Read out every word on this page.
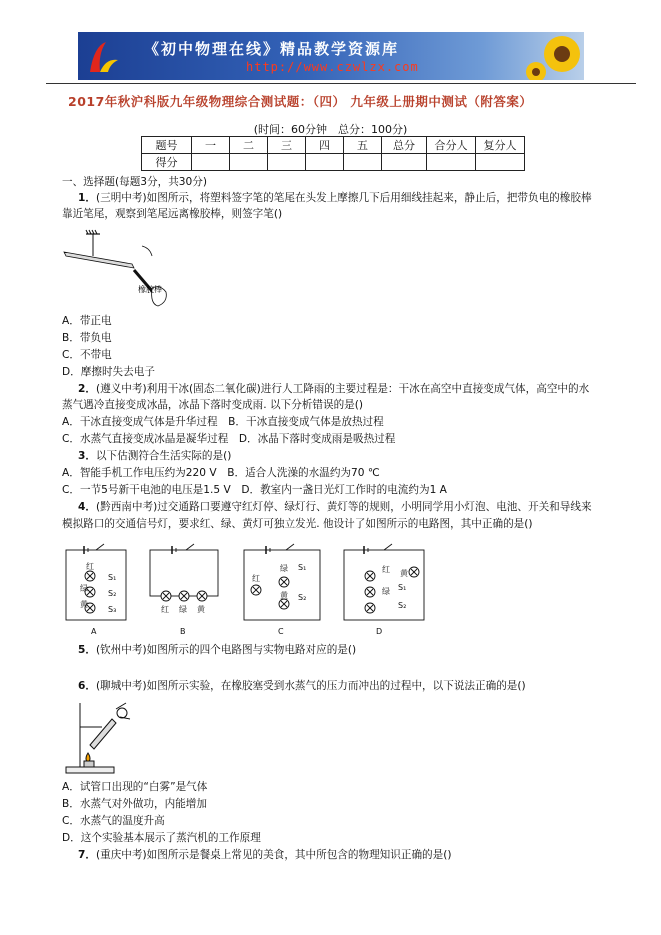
《初中物理在线》精品教学资源库
http://www.czwlzx.com
2017年秋沪科版九年级物理综合测试题：（四） 九年级上册期中测试（附答案）
(时间：60分钟　总分：100分)
题号	一	二	三	四	五	总分	合分人	复分人
得分								
一、选择题(每题3分，共30分)
1．(三明中考)如图所示，将塑料签字笔的笔尾在头发上摩擦几下后用细线挂起来，静止后，把带负电的橡胶棒
靠近笔尾，观察到笔尾远离橡胶棒，则签字笔()
橡胶棒
A．带正电
B．带负电
C．不带电
D．摩擦时失去电子
2．(遵义中考)利用干冰(固态二氧化碳)进行人工降雨的主要过程是：干冰在高空中直接变成气体，高空中的水
蒸气遇冷直接变成冰晶，冰晶下落时变成雨. 以下分析错误的是()
A．干冰直接变成气体是升华过程　B．干冰直接变成气体是放热过程
C．水蒸气直接变成冰晶是凝华过程　D．冰晶下落时变成雨是吸热过程
3．以下估测符合生活实际的是()
A．智能手机工作电压约为220 V　B．适合人洗澡的水温约为70 ℃
C．一节5号新干电池的电压是1.5 V　D．教室内一盏日光灯工作时的电流约为1 A
4．(黔西南中考)过交通路口要遵守红灯停、绿灯行、黄灯等的规则，小明同学用小灯泡、电池、开关和导线来
模拟路口的交通信号灯，要求红、绿、黄灯可独立发光. 他设计了如图所示的电路图，其中正确的是()
红
绿
黄
S₁
S₂
S₃
A
红 绿 黄
B
红
绿
黄
S₁
S₂
C
红 黄
绿 S₁
S₂
D
5．(钦州中考)如图所示的四个电路图与实物电路对应的是()
6．(聊城中考)如图所示实验，在橡胶塞受到水蒸气的压力而冲出的过程中，以下说法正确的是()
A．试管口出现的“白雾”是气体
B．水蒸气对外做功，内能增加
C．水蒸气的温度升高
D．这个实验基本展示了蒸汽机的工作原理
7．(重庆中考)如图所示是餐桌上常见的美食，其中所包含的物理知识正确的是()
